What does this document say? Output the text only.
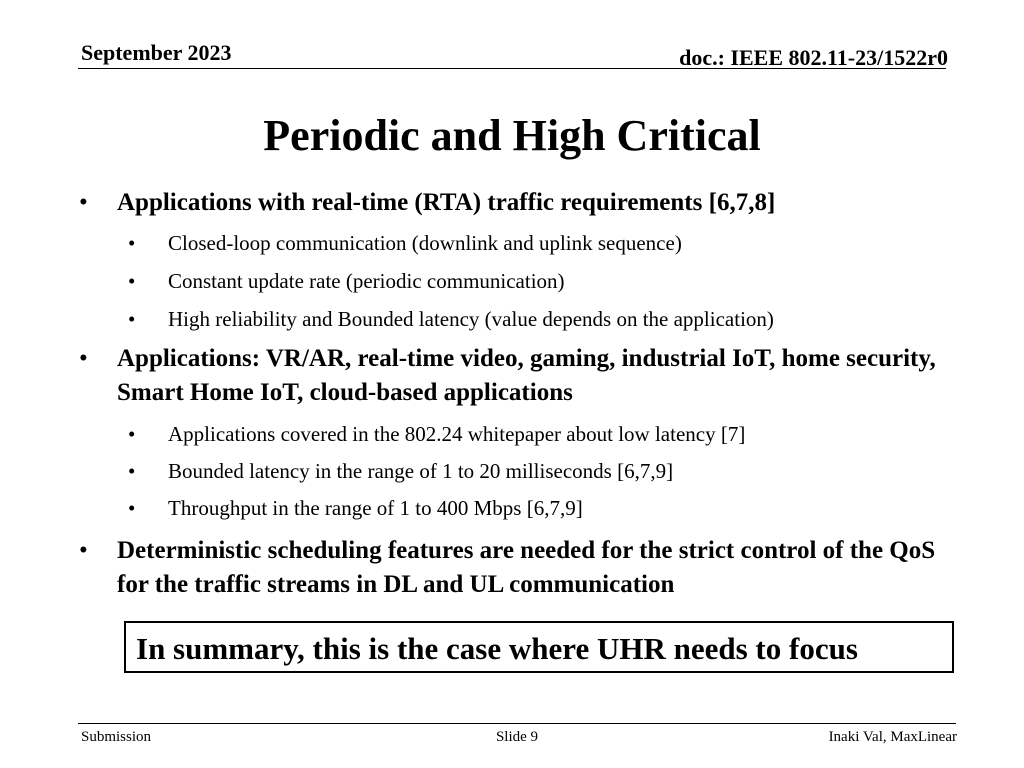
September 2023	doc.: IEEE 802.11-23/1522r0
Periodic and High Critical
• Applications with real-time (RTA) traffic requirements [6,7,8]
• Closed-loop communication (downlink and uplink sequence)
• Constant update rate (periodic communication)
• High reliability and Bounded latency (value depends on the application)
• Applications: VR/AR, real-time video, gaming, industrial IoT, home security, Smart Home IoT, cloud-based applications
• Applications covered in the 802.24 whitepaper about low latency [7]
• Bounded latency in the range of 1 to 20 milliseconds [6,7,9]
• Throughput in the range of 1 to 400 Mbps [6,7,9]
• Deterministic scheduling features are needed for the strict control of the QoS for the traffic streams in DL and UL communication
In summary, this is the case where UHR needs to focus
Submission	Slide 9	Inaki Val, MaxLinear
